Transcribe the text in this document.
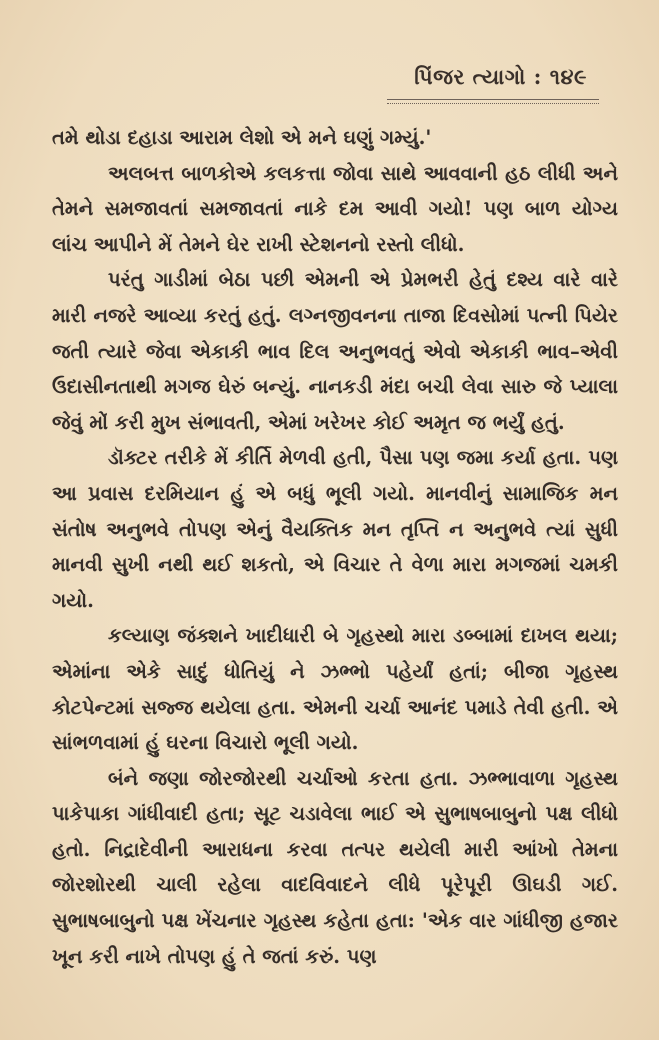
પિંજર ત્યાગો : ૧૪૯

તમે થોડા દહાડા આરામ લેશો એ મને ઘણું ગમ્યું.'

અલબત્ત બાળકોએ કલકત્તા જોવા સાથે આવવાની હઠ લીધી અને તેમને સમજાવતાં સમજાવતાં નાકે દમ આવી ગયો! પણ બાળ યોગ્ય લાંચ આપીને મેં તેમને ઘેર રાખી સ્ટેશનનો રસ્તો લીધો.

પરંતુ ગાડીમાં બેઠા પછી એમની એ પ્રેમભરી હેતું દશ્ય વારે વારે મારી નજરે આવ્યા કરતું હતું. લગ્નજીવનના તાજા દિવસોમાં પત્ની પિયેર જતી ત્યારે જેવા એકાકી ભાવ દિલ અનુભવતું એવો એકાકી ભાવ–એવી ઉદાસીનતાથી મગજ ઘેરું બન્યું. નાનકડી મંદા બચી લેવા સારુ જે પ્યાલા જેવું મોં કરી મુખ સંભાવતી, એમાં ખરેખર કોઈ અમૃત જ ભર્યું હતું.

ડૉક્ટર તરીકે મેં કીર્તિ મેળવી હતી, પૈસા પણ જમા કર્યા હતા. પણ આ પ્રવાસ દરમિયાન હું એ બધું ભૂલી ગયો. માનવીનું સામાજિક મન સંતોષ અનુભવે તોપણ એનું વૈયક્તિક મન તૃપ્તિ ન અનુભવે ત્યાં સુધી માનવી સુખી નથી થઈ શકતો, એ વિચાર તે વેળા મારા મગજમાં ચમકી ગયો.

કલ્યાણ જંક્શને ખાદીધારી બે ગૃહસ્થો મારા ડબ્બામાં દાખલ થયા; એમાંના એકે સાદું ધોતિયું ને ઝભ્ભો પહેર્યાં હતાં; બીજા ગૃહસ્થ કોટપેન્ટમાં સજ્જ થયેલા હતા. એમની ચર્ચા આનંદ પમાડે તેવી હતી. એ સાંભળવામાં હું ઘરના વિચારો ભૂલી ગયો.

બંને જણા જોરજોરથી ચર્ચાઓ કરતા હતા. ઝભ્ભાવાળા ગૃહસ્થ પાકેપાકા ગાંધીવાદી હતા; સૂટ ચડાવેલા ભાઈ એ સુભાષબાબુનો પક્ષ લીધો હતો. નિદ્રાદેવીની આરાધના કરવા તત્પર થયેલી મારી આંખો તેમના જોરશોરથી ચાલી રહેલા વાદવિવાદને લીધે પૂરેપૂરી ઊઘડી ગઈ. સુભાષબાબુનો પક્ષ ખેંચનાર ગૃહસ્થ કહેતા હતા: 'એક વાર ગાંધીજી હજાર ખૂન કરી નાખે તોપણ હું તે જતાં કરું. પણ
